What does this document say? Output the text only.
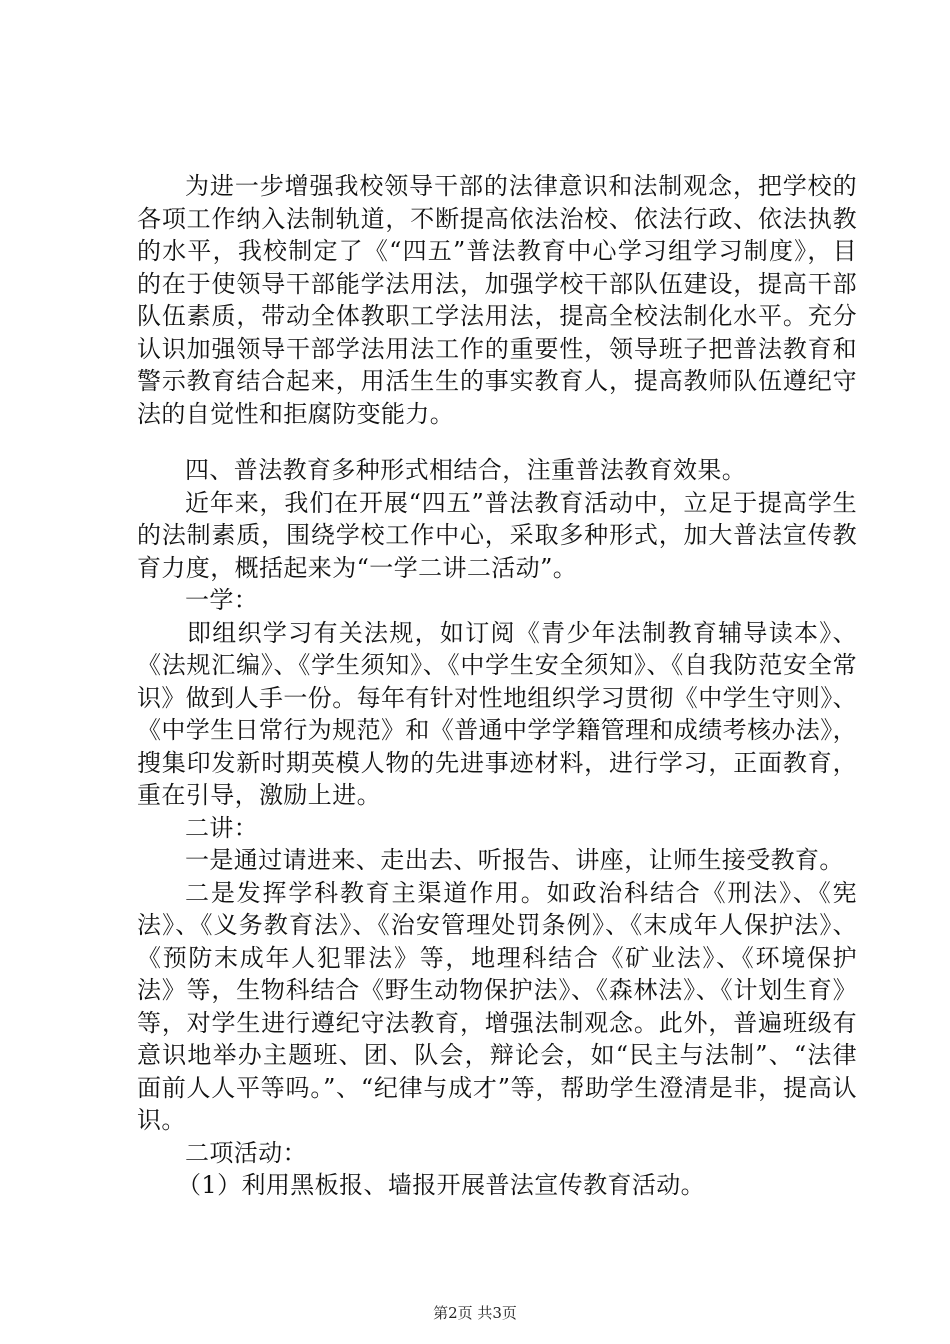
为进一步增强我校领导干部的法律意识和法制观念，把学校的各项工作纳入法制轨道，不断提高依法治校、依法行政、依法执教的水平，我校制定了《“四五”普法教育中心学习组学习制度》，目的在于使领导干部能学法用法，加强学校干部队伍建设，提高干部队伍素质，带动全体教职工学法用法，提高全校法制化水平。充分认识加强领导干部学法用法工作的重要性，领导班子把普法教育和警示教育结合起来，用活生生的事实教育人，提高教师队伍遵纪守法的自觉性和拒腐防变能力。

四、普法教育多种形式相结合，注重普法教育效果。

近年来，我们在开展“四五”普法教育活动中，立足于提高学生的法制素质，围绕学校工作中心，采取多种形式，加大普法宣传教育力度，概括起来为“一学二讲二活动”。

一学：

即组织学习有关法规，如订阅《青少年法制教育辅导读本》、《法规汇编》、《学生须知》、《中学生安全须知》、《自我防范安全常识》做到人手一份。每年有针对性地组织学习贯彻《中学生守则》、《中学生日常行为规范》和《普通中学学籍管理和成绩考核办法》，搜集印发新时期英模人物的先进事迹材料，进行学习，正面教育，重在引导，激励上进。

二讲：

一是通过请进来、走出去、听报告、讲座，让师生接受教育。

二是发挥学科教育主渠道作用。如政治科结合《刑法》、《宪法》、《义务教育法》、《治安管理处罚条例》、《末成年人保护法》、《预防末成年人犯罪法》等，地理科结合《矿业法》、《环境保护法》等，生物科结合《野生动物保护法》、《森林法》、《计划生育》等，对学生进行遵纪守法教育，增强法制观念。此外，普遍班级有意识地举办主题班、团、队会，辩论会，如“民主与法制”、“法律面前人人平等吗。”、“纪律与成才”等，帮助学生澄清是非，提高认识。

二项活动：

（1）利用黑板报、墙报开展普法宣传教育活动。

第2页 共3页
